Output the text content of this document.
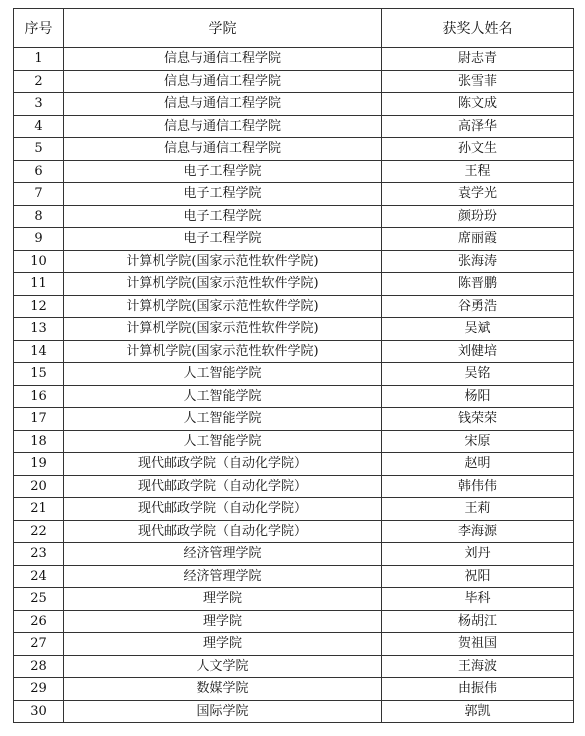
序号	学院	获奖人姓名
1	信息与通信工程学院	尉志青
2	信息与通信工程学院	张雪菲
3	信息与通信工程学院	陈文成
4	信息与通信工程学院	高泽华
5	信息与通信工程学院	孙文生
6	电子工程学院	王程
7	电子工程学院	袁学光
8	电子工程学院	颜玢玢
9	电子工程学院	席丽霞
10	计算机学院(国家示范性软件学院)	张海涛
11	计算机学院(国家示范性软件学院)	陈晋鹏
12	计算机学院(国家示范性软件学院)	谷勇浩
13	计算机学院(国家示范性软件学院)	吴斌
14	计算机学院(国家示范性软件学院)	刘健培
15	人工智能学院	吴铭
16	人工智能学院	杨阳
17	人工智能学院	钱荣荣
18	人工智能学院	宋原
19	现代邮政学院（自动化学院）	赵明
20	现代邮政学院（自动化学院）	韩伟伟
21	现代邮政学院（自动化学院）	王莉
22	现代邮政学院（自动化学院）	李海源
23	经济管理学院	刘丹
24	经济管理学院	祝阳
25	理学院	毕科
26	理学院	杨胡江
27	理学院	贺祖国
28	人文学院	王海波
29	数媒学院	由振伟
30	国际学院	郭凯
